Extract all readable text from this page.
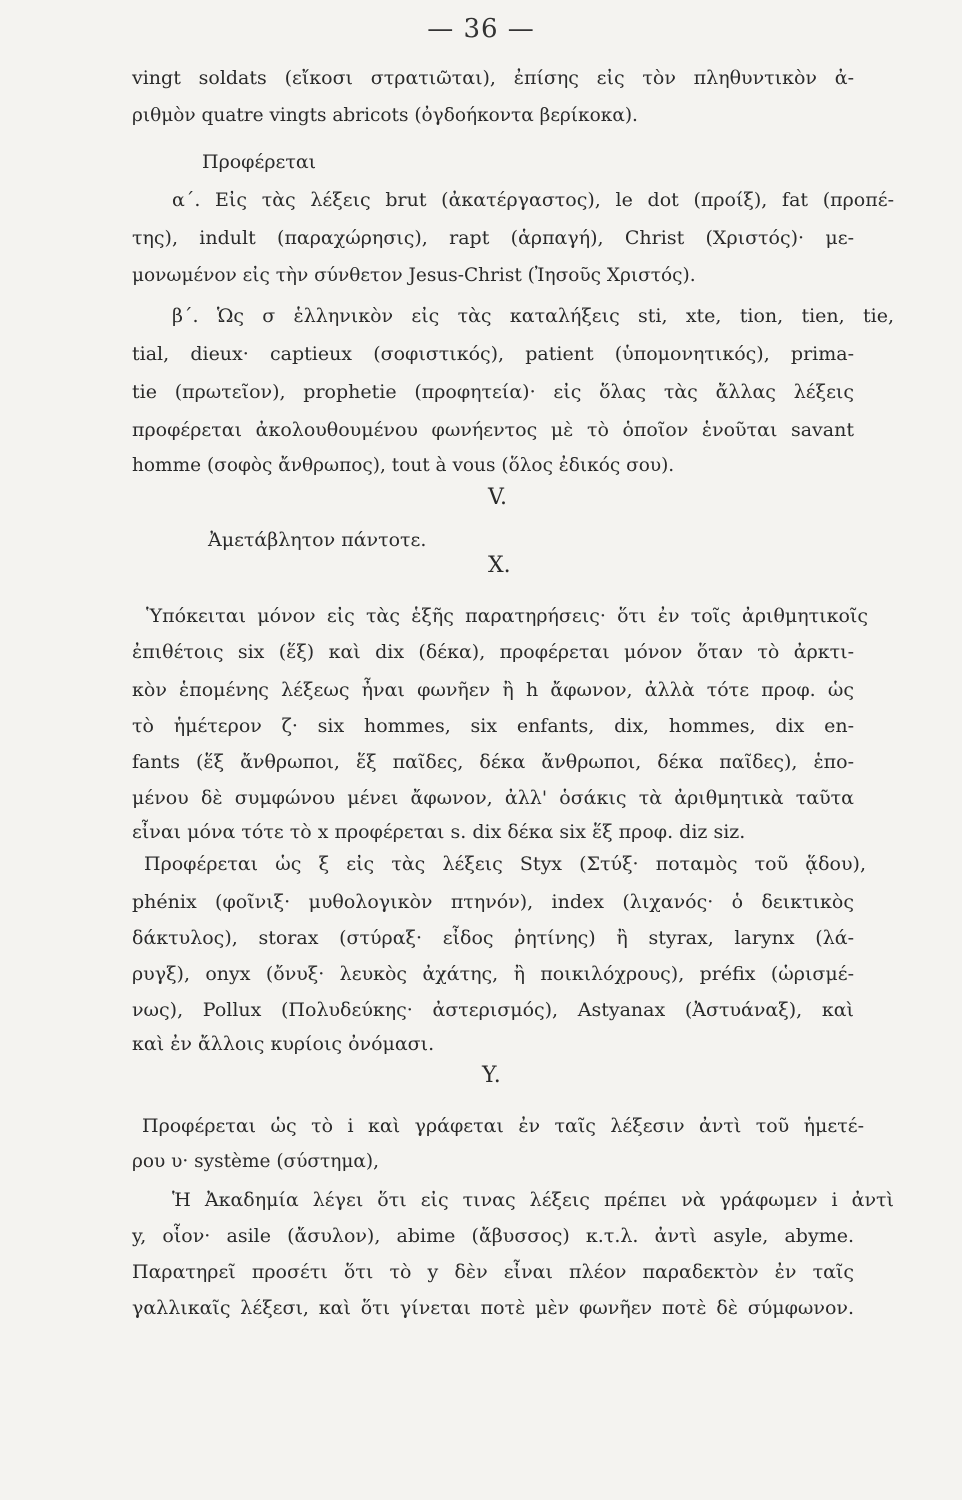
— 36 —
vingt soldats (εἴκοσι στρατιῶται), ἐπίσης εἰς τὸν πληθυντικὸν ἀ-
ριθμὸν quatre vingts abricots (ὀγδοήκοντα βερίκοκα).
Προφέρεται
α΄. Εἰς τὰς λέξεις brut (ἀκατέργαστος), le dot (προίξ), fat (προπέ-
της), indult (παραχώρησις), rapt (ἁρπαγή), Christ (Χριστός)· με-
μονωμένον εἰς τὴν σύνθετον Jesus-Christ (Ἰησοῦς Χριστός).
β΄. Ὡς σ ἑλληνικὸν εἰς τὰς καταλήξεις sti, xte, tion, tien, tie,
tial, dieux· captieux (σοφιστικός), patient (ὑπομονητικός), prima-
tie (πρωτεῖον), prophetie (προφητεία)· εἰς ὅλας τὰς ἄλλας λέξεις
προφέρεται ἀκολουθουμένου φωνήεντος μὲ τὸ ὁποῖον ἑνοῦται savant
homme (σοφὸς ἄνθρωπος), tout à vous (ὅλος ἐδικός σου).
V.
Ἀμετάβλητον πάντοτε.
X.
Ὑπόκειται μόνον εἰς τὰς ἑξῆς παρατηρήσεις· ὅτι ἐν τοῖς ἀριθμητικοῖς
ἐπιθέτοις six (ἕξ) καὶ dix (δέκα), προφέρεται μόνον ὅταν τὸ ἀρκτι-
κὸν ἑπομένης λέξεως ἦναι φωνῆεν ἢ h ἄφωνον, ἀλλὰ τότε προφ. ὡς
τὸ ἡμέτερον ζ· six hommes, six enfants, dix, hommes, dix en-
fants (ἕξ ἄνθρωποι, ἕξ παῖδες, δέκα ἄνθρωποι, δέκα παῖδες), ἑπο-
μένου δὲ συμφώνου μένει ἄφωνον, ἀλλ' ὁσάκις τὰ ἀριθμητικὰ ταῦτα
εἶναι μόνα τότε τὸ x προφέρεται s. dix δέκα six ἕξ προφ. diz siz.
Προφέρεται ὡς ξ εἰς τὰς λέξεις Styx (Στύξ· ποταμὸς τοῦ ᾅδου),
phénix (φοῖνιξ· μυθολογικὸν πτηνόν), index (λιχανός· ὁ δεικτικὸς
δάκτυλος), storax (στύραξ· εἶδος ῥητίνης) ἢ styrax, larynx (λά-
ρυγξ), onyx (ὄνυξ· λευκὸς ἀχάτης, ἢ ποικιλόχρους), préfix (ὡρισμέ-
νως), Pollux (Πολυδεύκης· ἀστερισμός), Astyanax (Ἀστυάναξ), καὶ
καὶ ἐν ἄλλοις κυρίοις ὀνόμασι.
Y.
Προφέρεται ὡς τὸ i καὶ γράφεται ἐν ταῖς λέξεσιν ἀντὶ τοῦ ἡμετέ-
ρου υ· système (σύστημα),
Ἡ Ἀκαδημία λέγει ὅτι εἰς τινας λέξεις πρέπει νὰ γράφωμεν i ἀντὶ
y, οἷον· asile (ἄσυλον), abime (ἄβυσσος) κ.τ.λ. ἀντὶ asyle, abyme.
Παρατηρεῖ προσέτι ὅτι τὸ y δὲν εἶναι πλέον παραδεκτὸν ἐν ταῖς
γαλλικαῖς λέξεσι, καὶ ὅτι γίνεται ποτὲ μὲν φωνῆεν ποτὲ δὲ σύμφωνον.
